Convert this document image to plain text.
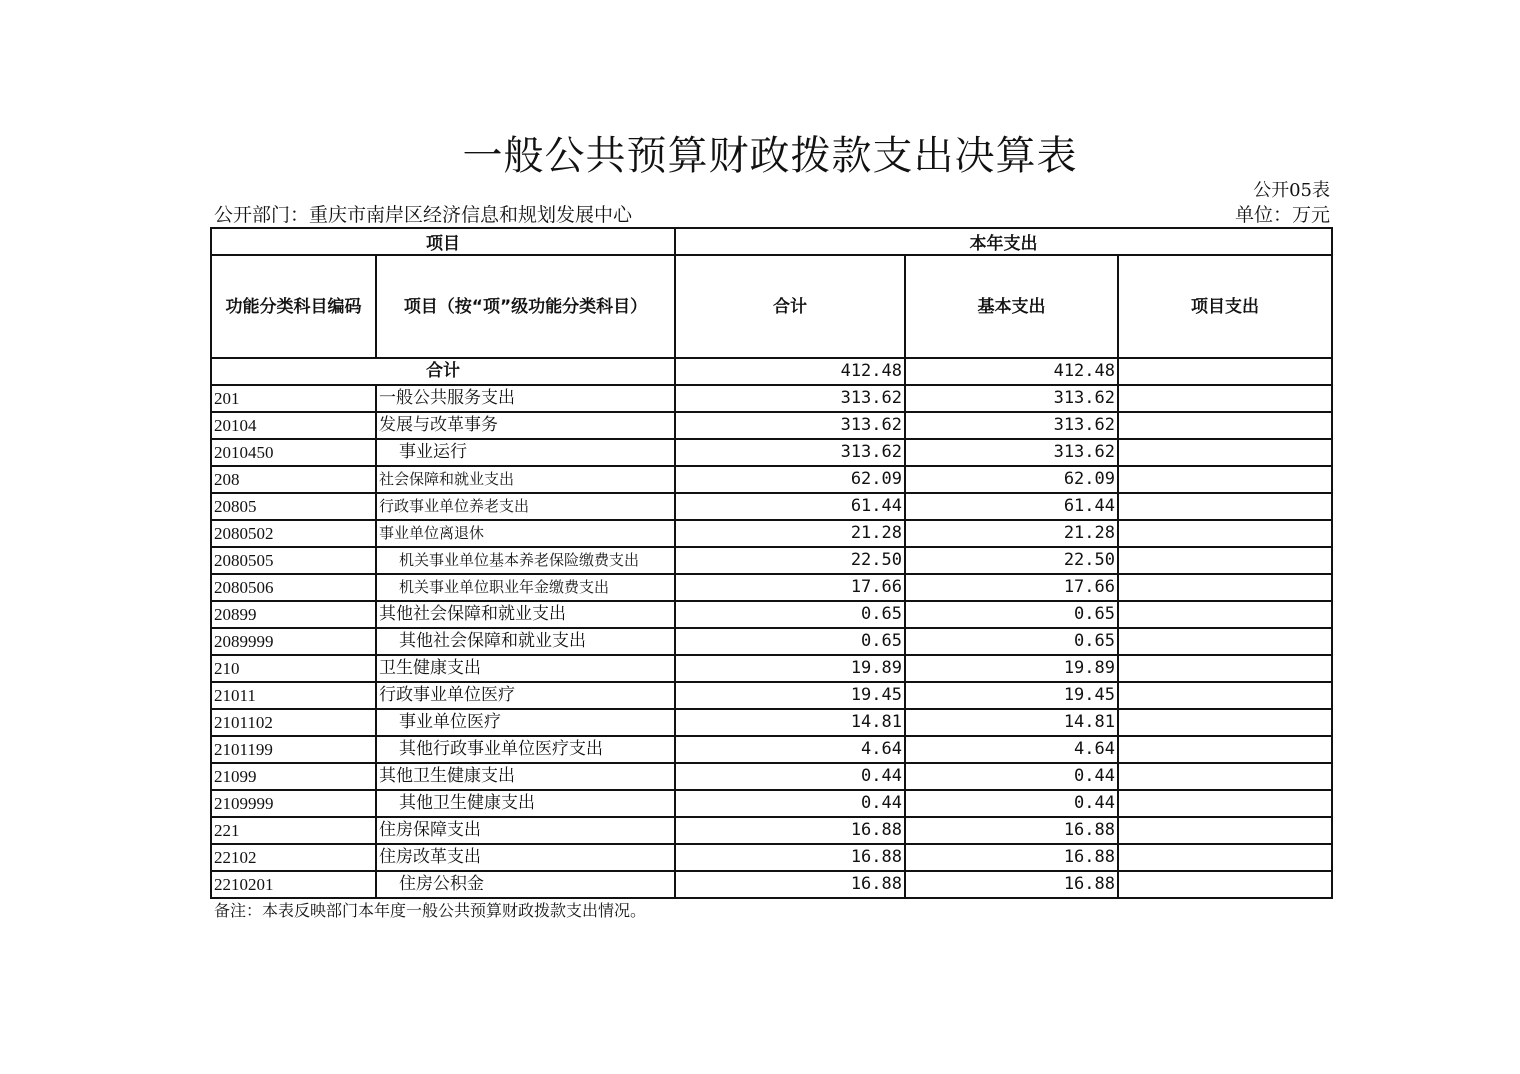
一般公共预算财政拨款支出决算表
公开05表
公开部门：重庆市南岸区经济信息和规划发展中心	单位：万元
项目		本年支出		
功能分类科目编码	项目（按“项”级功能分类科目）	合计	基本支出	项目支出
合计		412.48	412.48	
201	一般公共服务支出	313.62	313.62	
20104	发展与改革事务	313.62	313.62	
2010450	事业运行	313.62	313.62	
208	社会保障和就业支出	62.09	62.09	
20805	行政事业单位养老支出	61.44	61.44	
2080502	事业单位离退休	21.28	21.28	
2080505	机关事业单位基本养老保险缴费支出	22.50	22.50	
2080506	机关事业单位职业年金缴费支出	17.66	17.66	
20899	其他社会保障和就业支出	0.65	0.65	
2089999	其他社会保障和就业支出	0.65	0.65	
210	卫生健康支出	19.89	19.89	
21011	行政事业单位医疗	19.45	19.45	
2101102	事业单位医疗	14.81	14.81	
2101199	其他行政事业单位医疗支出	4.64	4.64	
21099	其他卫生健康支出	0.44	0.44	
2109999	其他卫生健康支出	0.44	0.44	
221	住房保障支出	16.88	16.88	
22102	住房改革支出	16.88	16.88	
2210201	住房公积金	16.88	16.88	
备注：本表反映部门本年度一般公共预算财政拨款支出情况。
